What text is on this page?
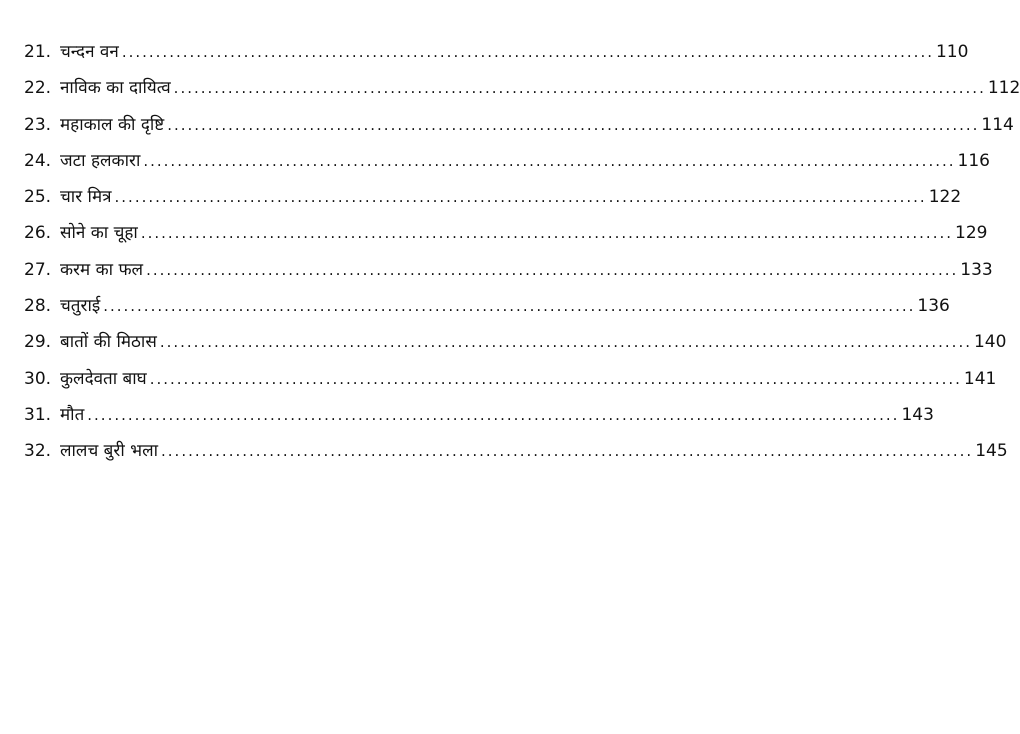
21. चन्दन वन ........................................................................................................................ 110
22. नाविक का दायित्व ........................................................................................................................ 112
23. महाकाल की दृष्टि ........................................................................................................................ 114
24. जटा हलकारा ........................................................................................................................ 116
25. चार मित्र ........................................................................................................................ 122
26. सोने का चूहा ........................................................................................................................ 129
27. करम का फल ........................................................................................................................ 133
28. चतुराई ........................................................................................................................ 136
29. बातों की मिठास ........................................................................................................................ 140
30. कुलदेवता बाघ ........................................................................................................................ 141
31. मौत ........................................................................................................................ 143
32. लालच बुरी भला ........................................................................................................................ 145
